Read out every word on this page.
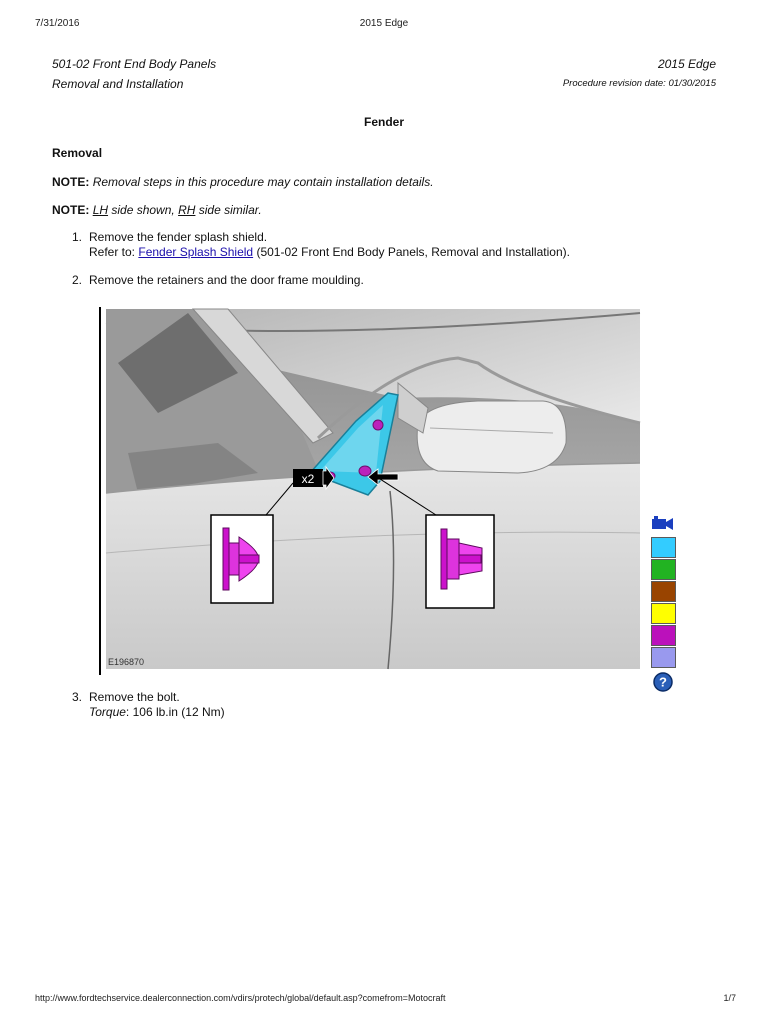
7/31/2016	2015 Edge
501-02 Front End Body Panels
Removal and Installation
2015 Edge
Procedure revision date: 01/30/2015
Fender
Removal
NOTE: Removal steps in this procedure may contain installation details.
NOTE: LH side shown, RH side similar.
1. Remove the fender splash shield.
Refer to: Fender Splash Shield (501-02 Front End Body Panels, Removal and Installation).
2. Remove the retainers and the door frame moulding.
x2
E196870
?
3. Remove the bolt.
Torque: 106 lb.in (12 Nm)
http://www.fordtechservice.dealerconnection.com/vdirs/protech/global/default.asp?comefrom=Motocraft	1/7
